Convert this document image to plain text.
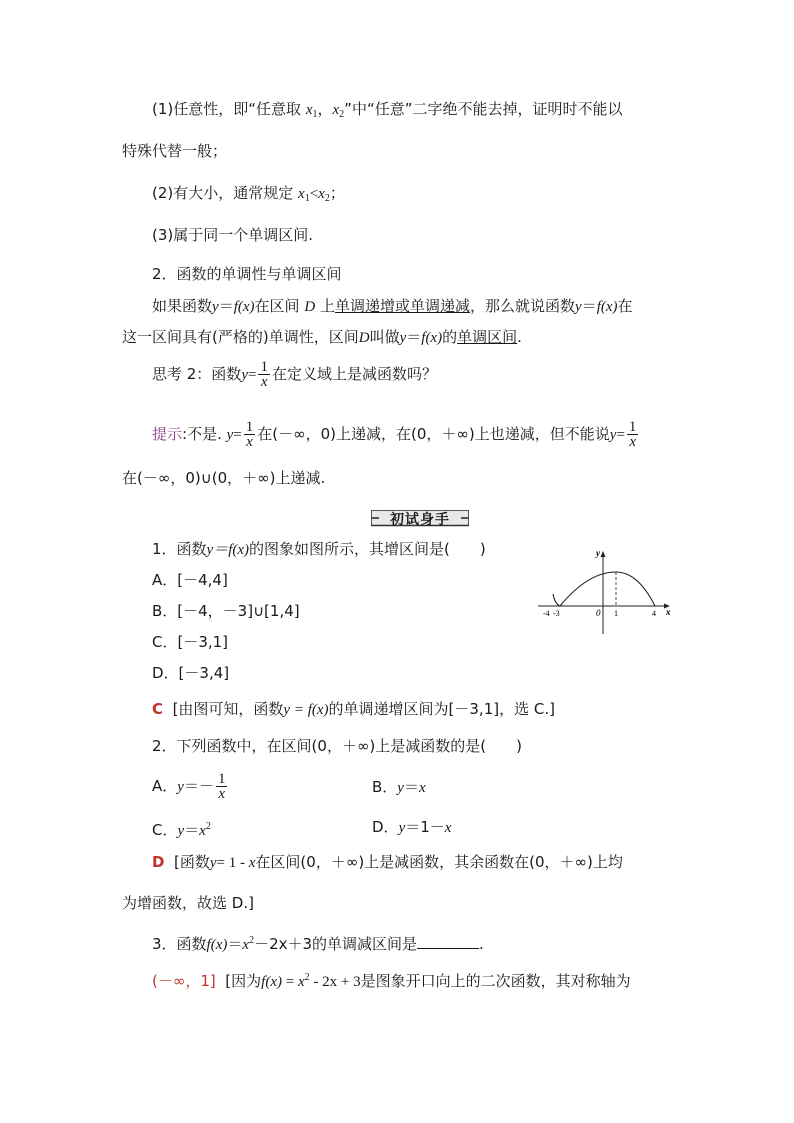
(1)任意性，即“任意取 $x_1$，$x_2$”中“任意”二字绝不能去掉，证明时不能以
特殊代替一般；
(2)有大小，通常规定 $x_1<x_2$；
(3)属于同一个单调区间.
2．函数的单调性与单调区间
如果函数y＝f(x)在区间 D 上单调递增或单调递减，那么就说函数y＝f(x)在
这一区间具有(严格的)单调性，区间D叫做y＝f(x)的单调区间.
思考 2：函数$y= \frac{1}{x}$ 在定义域上是减函数吗？
提示:不是. $y= \frac{1}{x}$ 在(－∞，0)上递减，在(0，＋∞)上也递减，但不能说$y= \frac{1}{x}$
在(－∞，0)∪(0，＋∞)上递减.
初试身手
1．函数y＝f(x)的图象如图所示，其增区间是(　　)
A．[－4,4]
B．[－4，－3]∪[1,4]
C．[－3,1]
D．[－3,4]
y
x
0
-4 -3	1	4
C [由图可知，函数y = f(x)的单调递增区间为[－3,1]，选 C.]
2．下列函数中，在区间(0，＋∞)上是减函数的是(　　)
A．$y=- \frac{1}{x}$	B．y＝x
C．$y=x^2$	D．y＝1－x
D [函数y= 1 - x在区间(0，＋∞)上是减函数，其余函数在(0，＋∞)上均
为增函数，故选 D.]
3．函数$f(x)=x^2-2x+3$的单调减区间是	.
(－∞，1] [因为$f(x) = x^2 - 2x + 3$是图象开口向上的二次函数，其对称轴为
